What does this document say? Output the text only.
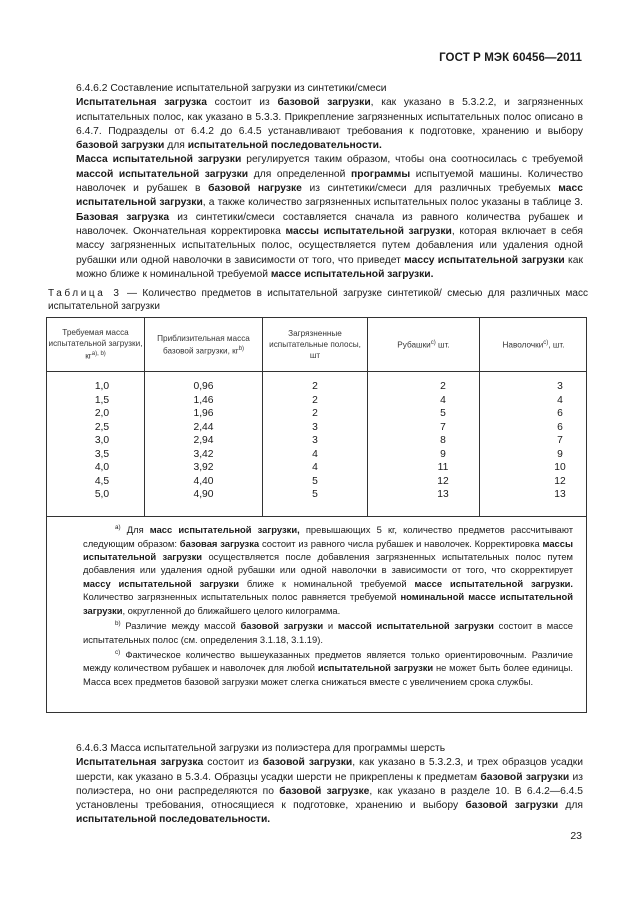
ГОСТ Р МЭК 60456—2011

6.4.6.2 Составление испытательной загрузки из синтетики/смеси

Испытательная загрузка состоит из базовой загрузки, как указано в 5.3.2.2, и загрязненных испытательных полос, как указано в 5.3.3. Прикрепление загрязненных испытательных полос описано в 6.4.7. Подразделы от 6.4.2 до 6.4.5 устанавливают требования к подготовке, хранению и выбору базовой загрузки для испытательной последовательности.

Масса испытательной загрузки регулируется таким образом, чтобы она соотносилась с требуемой массой испытательной загрузки для определенной программы испытуемой машины. Количество наволочек и рубашек в базовой нагрузке из синтетики/смеси для различных требуемых масс испытательной загрузки, а также количество загрязненных испытательных полос указаны в таблице 3. Базовая загрузка из синтетики/смеси составляется сначала из равного количества рубашек и наволочек. Окончательная корректировка массы испытательной загрузки, которая включает в себя массу загрязненных испытательных полос, осуществляется путем добавления или удаления одной рубашки или одной наволочки в зависимости от того, что приведет массу испытательной загрузки как можно ближе к номинальной требуемой массе испытательной загрузки.

Таблица 3 — Количество предметов в испытательной загрузке синтетикой/ смесью для различных масс испытательной загрузки
Требуемая масса испытательной загрузки, $кг^{a), b)}$
Приблизительная масса базовой загрузки, $кг^{b)}$
Загрязненные испытательные полосы, шт
Рубашки$^{c)}$ шт.	Наволочки$^{c)}$, шт.
1,0
1,5
2,0
2,5
3,0
3,5
4,0
4,5
5,0
0,96
1,46
1,96
2,44
2,94
3,42
3,92
4,40
4,90
2
2
2
3
3
4
4
5
5
2
4
5
7
8
9
11
12
13
3
4
6
6
7
9
10
12
13

$^{a)}$ Для масс испытательной загрузки, превышающих 5 кг, количество предметов рассчитывают следующим образом: базовая загрузка состоит из равного числа рубашек и наволочек. Корректировка массы испытательной загрузки осуществляется после добавления загрязненных испытательных полос путем добавления или удаления одной рубашки или одной наволочки в зависимости от того, что скорректирует массу испытательной загрузки ближе к номинальной требуемой массе испытательной загрузки. Количество загрязненных испытательных полос равняется требуемой номинальной массе испытательной загрузки, округленной до ближайшего целого килограмма.

$^{b)}$ Различие между массой базовой загрузки и массой испытательной загрузки состоит в массе испытательных полос (см. определения 3.1.18, 3.1.19).

$^{c)}$ Фактическое количество вышеуказанных предметов является только ориентировочным. Различие между количеством рубашек и наволочек для любой испытательной загрузки не может быть более единицы. Масса всех предметов базовой загрузки может слегка снижаться вместе с увеличением срока службы.

6.4.6.3 Масса испытательной загрузки из полиэстера для программы шерсть

Испытательная загрузка состоит из базовой загрузки, как указано в 5.3.2.3, и трех образцов усадки шерсти, как указано в 5.3.4. Образцы усадки шерсти не прикреплены к предметам базовой загрузки из полиэстера, но они распределяются по базовой загрузке, как указано в разделе 10. В 6.4.2—6.4.5 установлены требования, относящиеся к подготовке, хранению и выбору базовой загрузки для испытательной последовательности.

23
